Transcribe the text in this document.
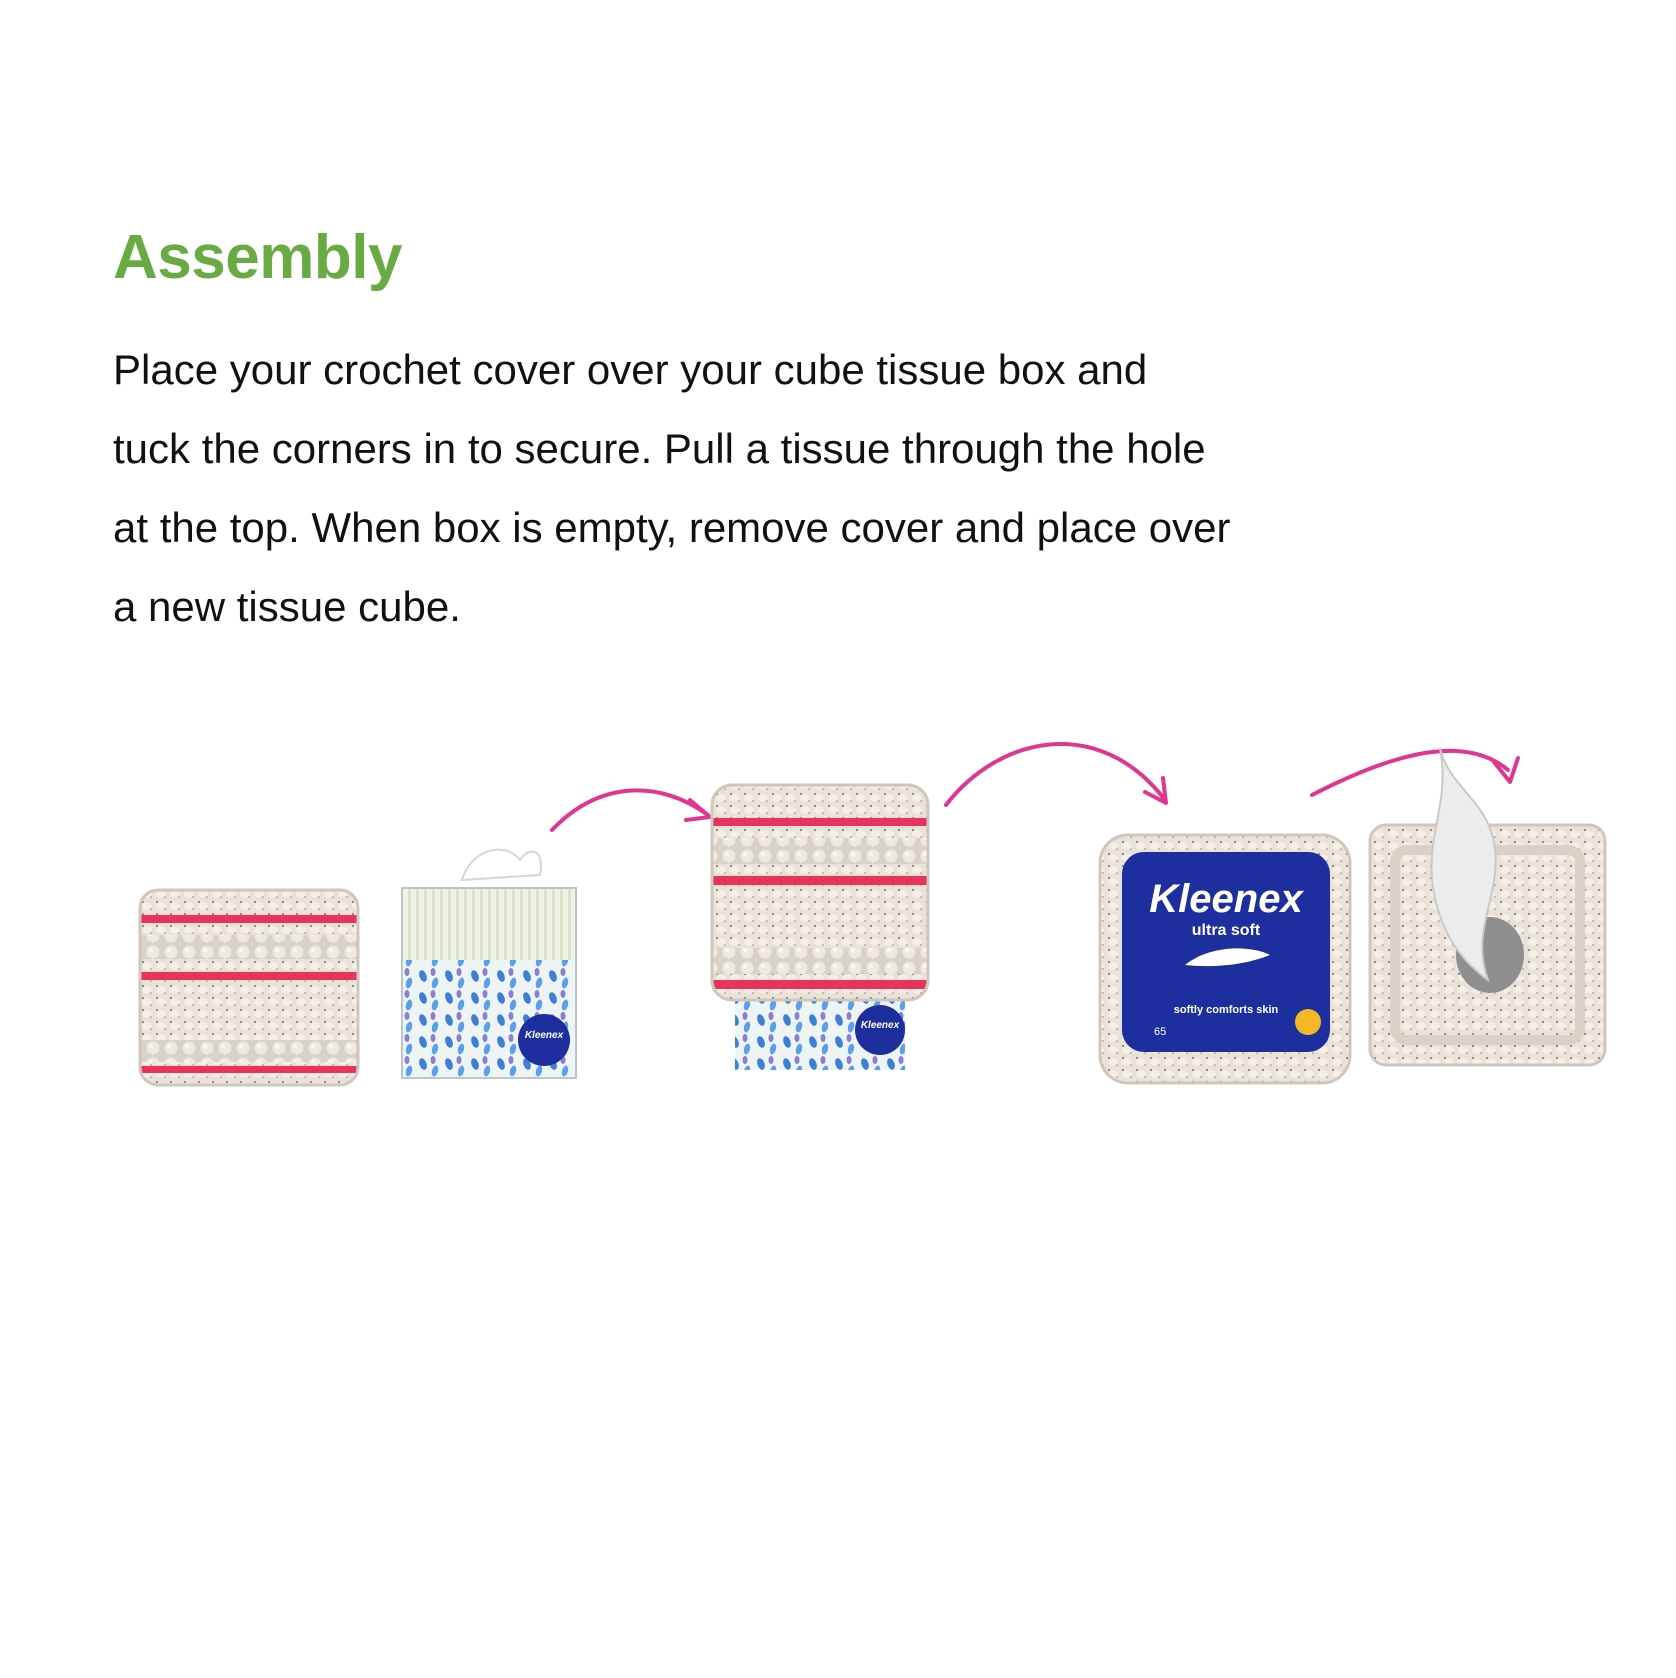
Assembly
Place your crochet cover over your cube tissue box and
tuck the corners in to secure. Pull a tissue through the hole
at the top. When box is empty, remove cover and place over
a new tissue cube.
Kleenex
Kleenex
Kleenex
ultra soft
softly comforts skin
65
